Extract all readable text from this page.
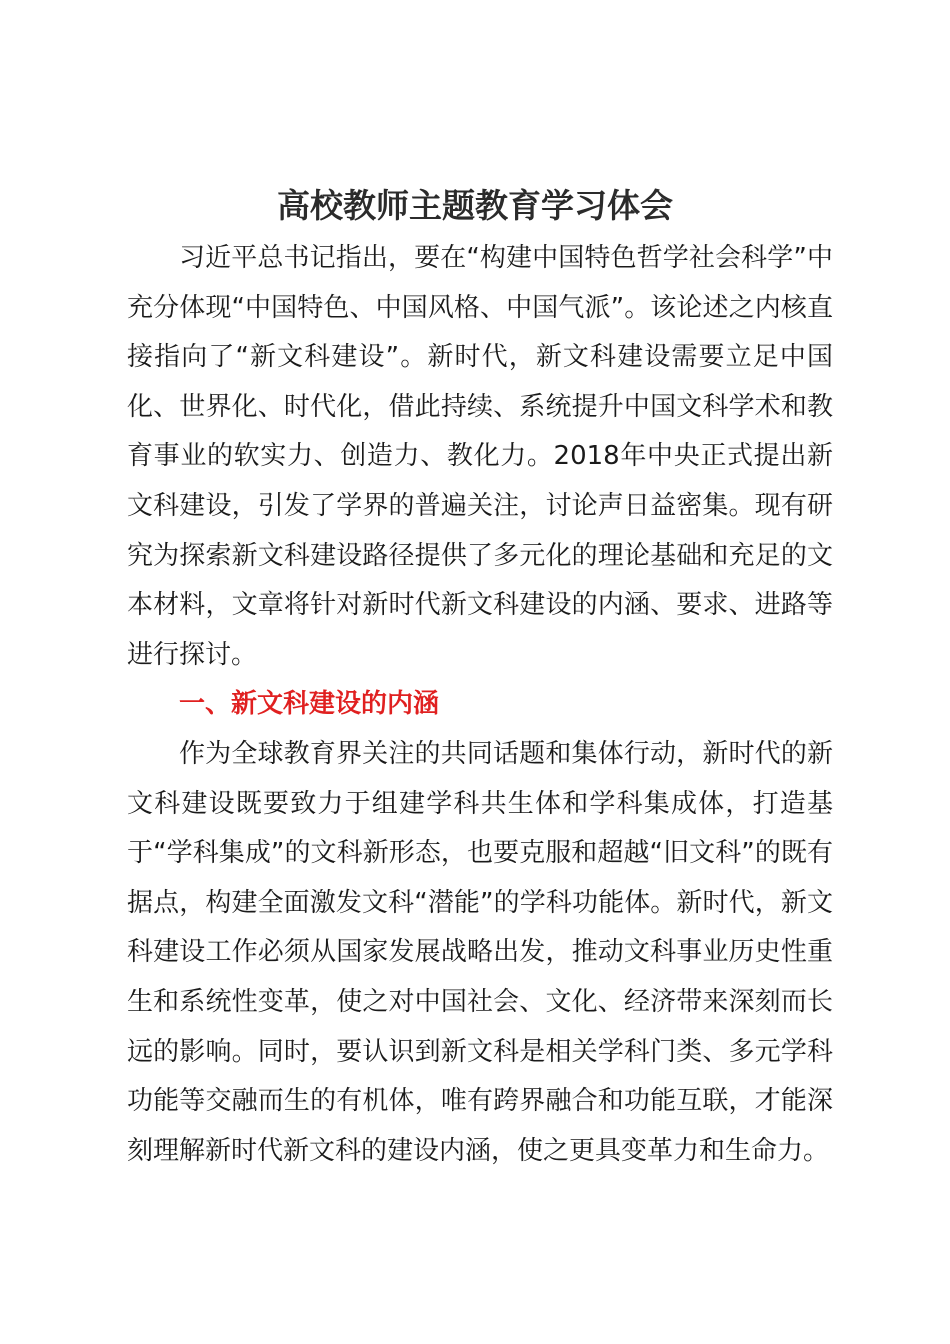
高校教师主题教育学习体会

习近平总书记指出，要在“构建中国特色哲学社会科学”中充分体现“中国特色、中国风格、中国气派”。该论述之内核直接指向了“新文科建设”。新时代，新文科建设需要立足中国化、世界化、时代化，借此持续、系统提升中国文科学术和教育事业的软实力、创造力、教化力。2018年中央正式提出新文科建设，引发了学界的普遍关注，讨论声日益密集。现有研究为探索新文科建设路径提供了多元化的理论基础和充足的文本材料，文章将针对新时代新文科建设的内涵、要求、进路等进行探讨。

一、新文科建设的内涵

作为全球教育界关注的共同话题和集体行动，新时代的新文科建设既要致力于组建学科共生体和学科集成体，打造基于“学科集成”的文科新形态，也要克服和超越“旧文科”的既有据点，构建全面激发文科“潜能”的学科功能体。新时代，新文科建设工作必须从国家发展战略出发，推动文科事业历史性重生和系统性变革，使之对中国社会、文化、经济带来深刻而长远的影响。同时，要认识到新文科是相关学科门类、多元学科功能等交融而生的有机体，唯有跨界融合和功能互联，才能深刻理解新时代新文科的建设内涵，使之更具变革力和生命力。
